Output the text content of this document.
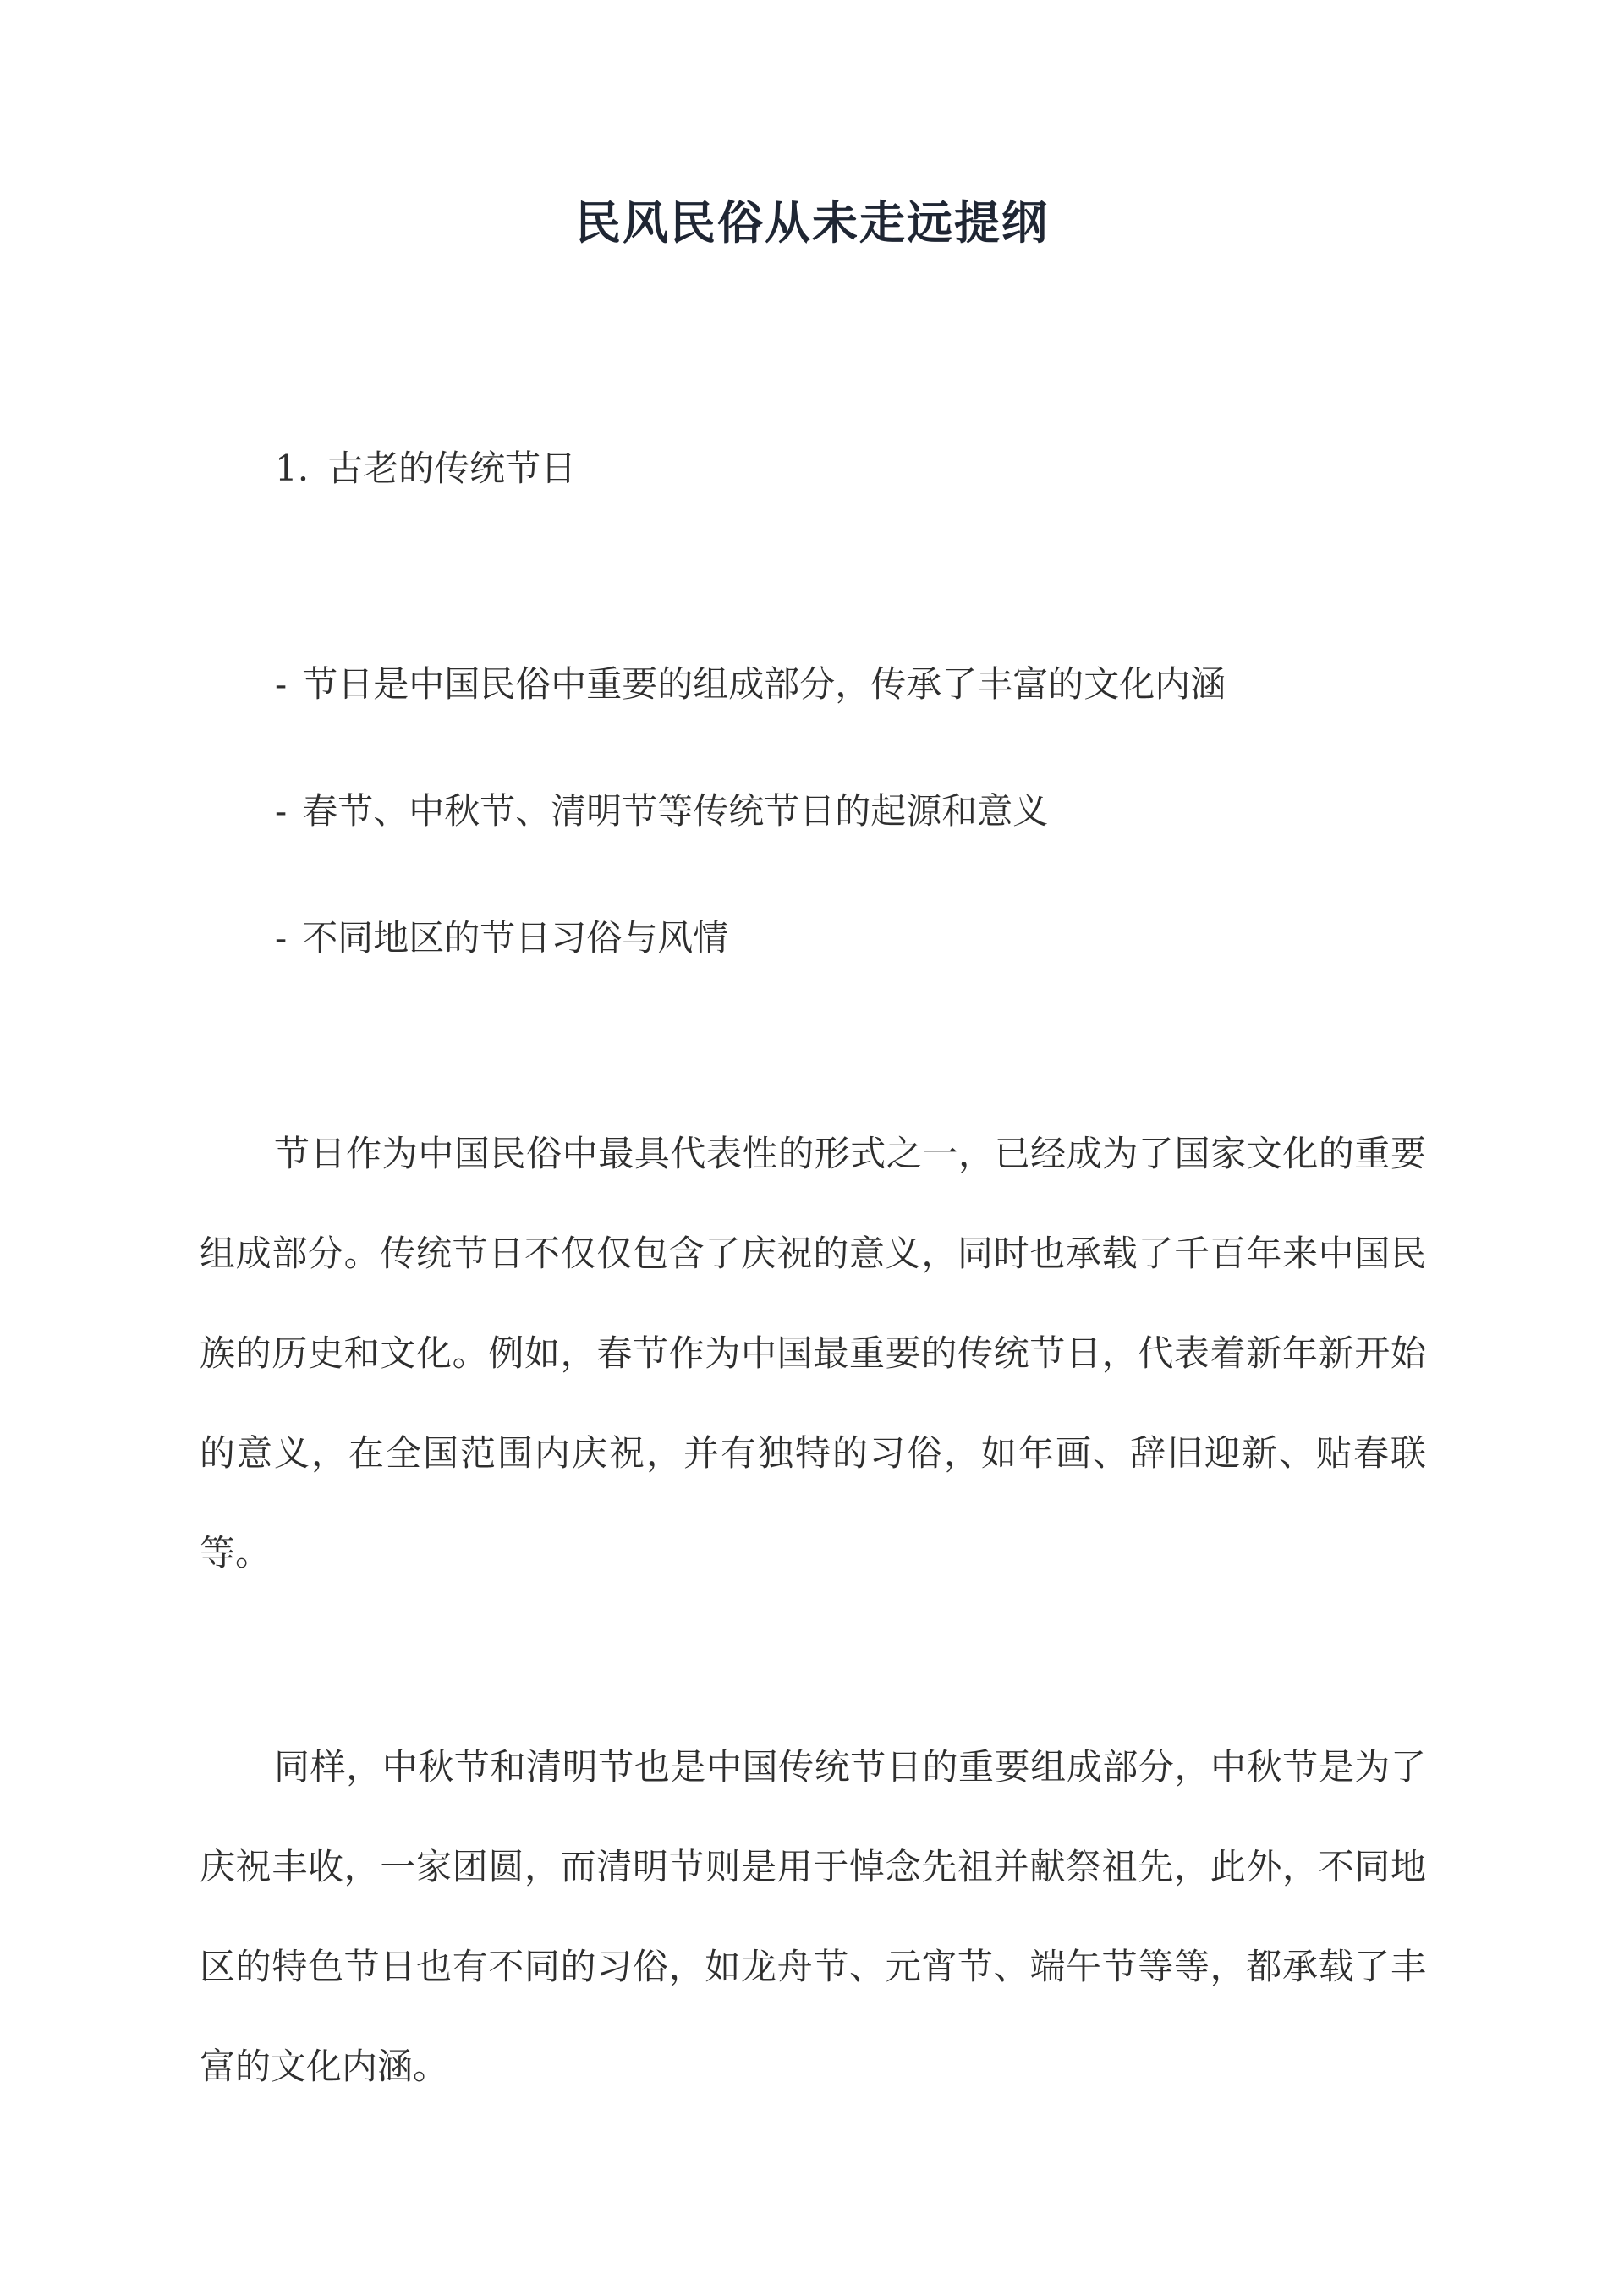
民风民俗从未走远提纲
1. 古老的传统节日
- 节日是中国民俗中重要的组成部分，传承了丰富的文化内涵
- 春节、中秋节、清明节等传统节日的起源和意义
- 不同地区的节日习俗与风情
节日作为中国民俗中最具代表性的形式之一，已经成为了国家文化的重要组成部分。传统节日不仅仅包含了庆祝的意义，同时也承载了千百年来中国民族的历史和文化。例如，春节作为中国最重要的传统节日，代表着新年新开始的意义，在全国范围内庆祝，并有独特的习俗，如年画、辞旧迎新、贴春联等。
同样，中秋节和清明节也是中国传统节日的重要组成部分，中秋节是为了庆祝丰收，一家团圆，而清明节则是用于悼念先祖并献祭祖先，此外，不同地区的特色节日也有不同的习俗，如龙舟节、元宵节、端午节等等，都承载了丰富的文化内涵。
